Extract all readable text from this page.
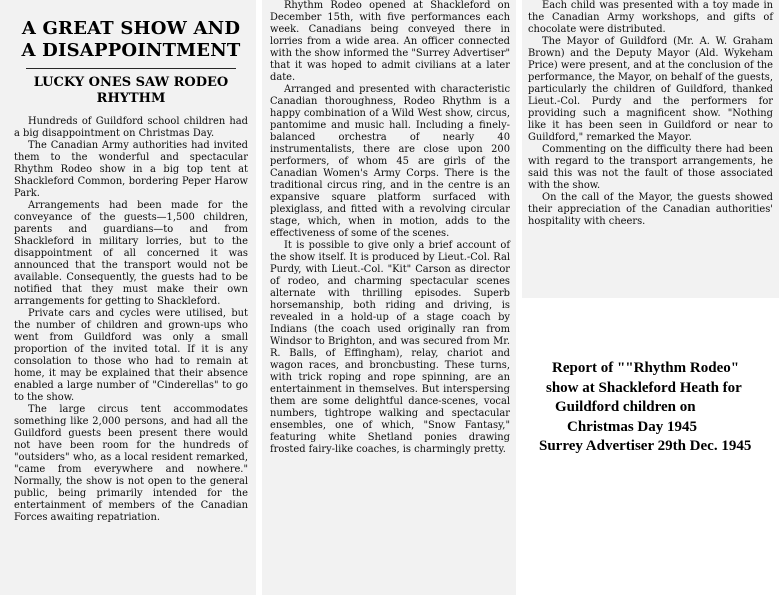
A GREAT SHOW AND A DISAPPOINTMENT
LUCKY ONES SAW RODEO RHYTHM

Hundreds of Guildford school children had a big disappointment on Christmas Day.

The Canadian Army authorities had invited them to the wonderful and spectacular Rhythm Rodeo show in a big top tent at Shackleford Common, bordering Peper Harow Park.

Arrangements had been made for the conveyance of the guests—1,500 children, parents and guardians—to and from Shackleford in military lorries, but to the disappointment of all concerned it was announced that the transport would not be available. Consequently, the guests had to be notified that they must make their own arrangements for getting to Shackleford.

Private cars and cycles were utilised, but the number of children and grown-ups who went from Guildford was only a small proportion of the invited total. If it is any consolation to those who had to remain at home, it may be explained that their absence enabled a large number of "Cinderellas" to go to the show.

The large circus tent accommodates something like 2,000 persons, and had all the Guildford guests been present there would not have been room for the hundreds of "outsiders" who, as a local resident remarked, "came from everywhere and nowhere." Normally, the show is not open to the general public, being primarily intended for the entertainment of members of the Canadian Forces awaiting repatriation.

Rhythm Rodeo opened at Shackleford on December 15th, with five performances each week. Canadians being conveyed there in lorries from a wide area. An officer connected with the show informed the "Surrey Advertiser" that it was hoped to admit civilians at a later date.

Arranged and presented with characteristic Canadian thoroughness, Rodeo Rhythm is a happy combination of a Wild West show, circus, pantomime and music hall. Including a finely-balanced orchestra of nearly 40 instrumentalists, there are close upon 200 performers, of whom 45 are girls of the Canadian Women's Army Corps. There is the traditional circus ring, and in the centre is an expansive square platform surfaced with plexiglass, and fitted with a revolving circular stage, which, when in motion, adds to the effectiveness of some of the scenes.

It is possible to give only a brief account of the show itself. It is produced by Lieut.-Col. Ral Purdy, with Lieut.-Col. "Kit" Carson as director of rodeo, and charming spectacular scenes alternate with thrilling episodes. Superb horsemanship, both riding and driving, is revealed in a hold-up of a stage coach by Indians (the coach used originally ran from Windsor to Brighton, and was secured from Mr. R. Balls, of Effingham), relay, chariot and wagon races, and broncbusting. These turns, with trick roping and rope spinning, are an entertainment in themselves. But interspersing them are some delightful dance-scenes, vocal numbers, tightrope walking and spectacular ensembles, one of which, "Snow Fantasy," featuring white Shetland ponies drawing frosted fairy-like coaches, is charmingly pretty.

Each child was presented with a toy made in the Canadian Army workshops, and gifts of chocolate were distributed.

The Mayor of Guildford (Mr. A. W. Graham Brown) and the Deputy Mayor (Ald. Wykeham Price) were present, and at the conclusion of the performance, the Mayor, on behalf of the guests, particularly the children of Guildford, thanked Lieut.-Col. Purdy and the performers for providing such a magnificent show. "Nothing like it has been seen in Guildford or near to Guildford," remarked the Mayor.

Commenting on the difficulty there had been with regard to the transport arrangements, he said this was not the fault of those associated with the show.

On the call of the Mayor, the guests showed their appreciation of the Canadian authorities' hospitality with cheers.

Report of ""Rhythm Rodeo"
show at Shackleford Heath for
Guildford children on
Christmas Day 1945
Surrey Advertiser 29th Dec. 1945
